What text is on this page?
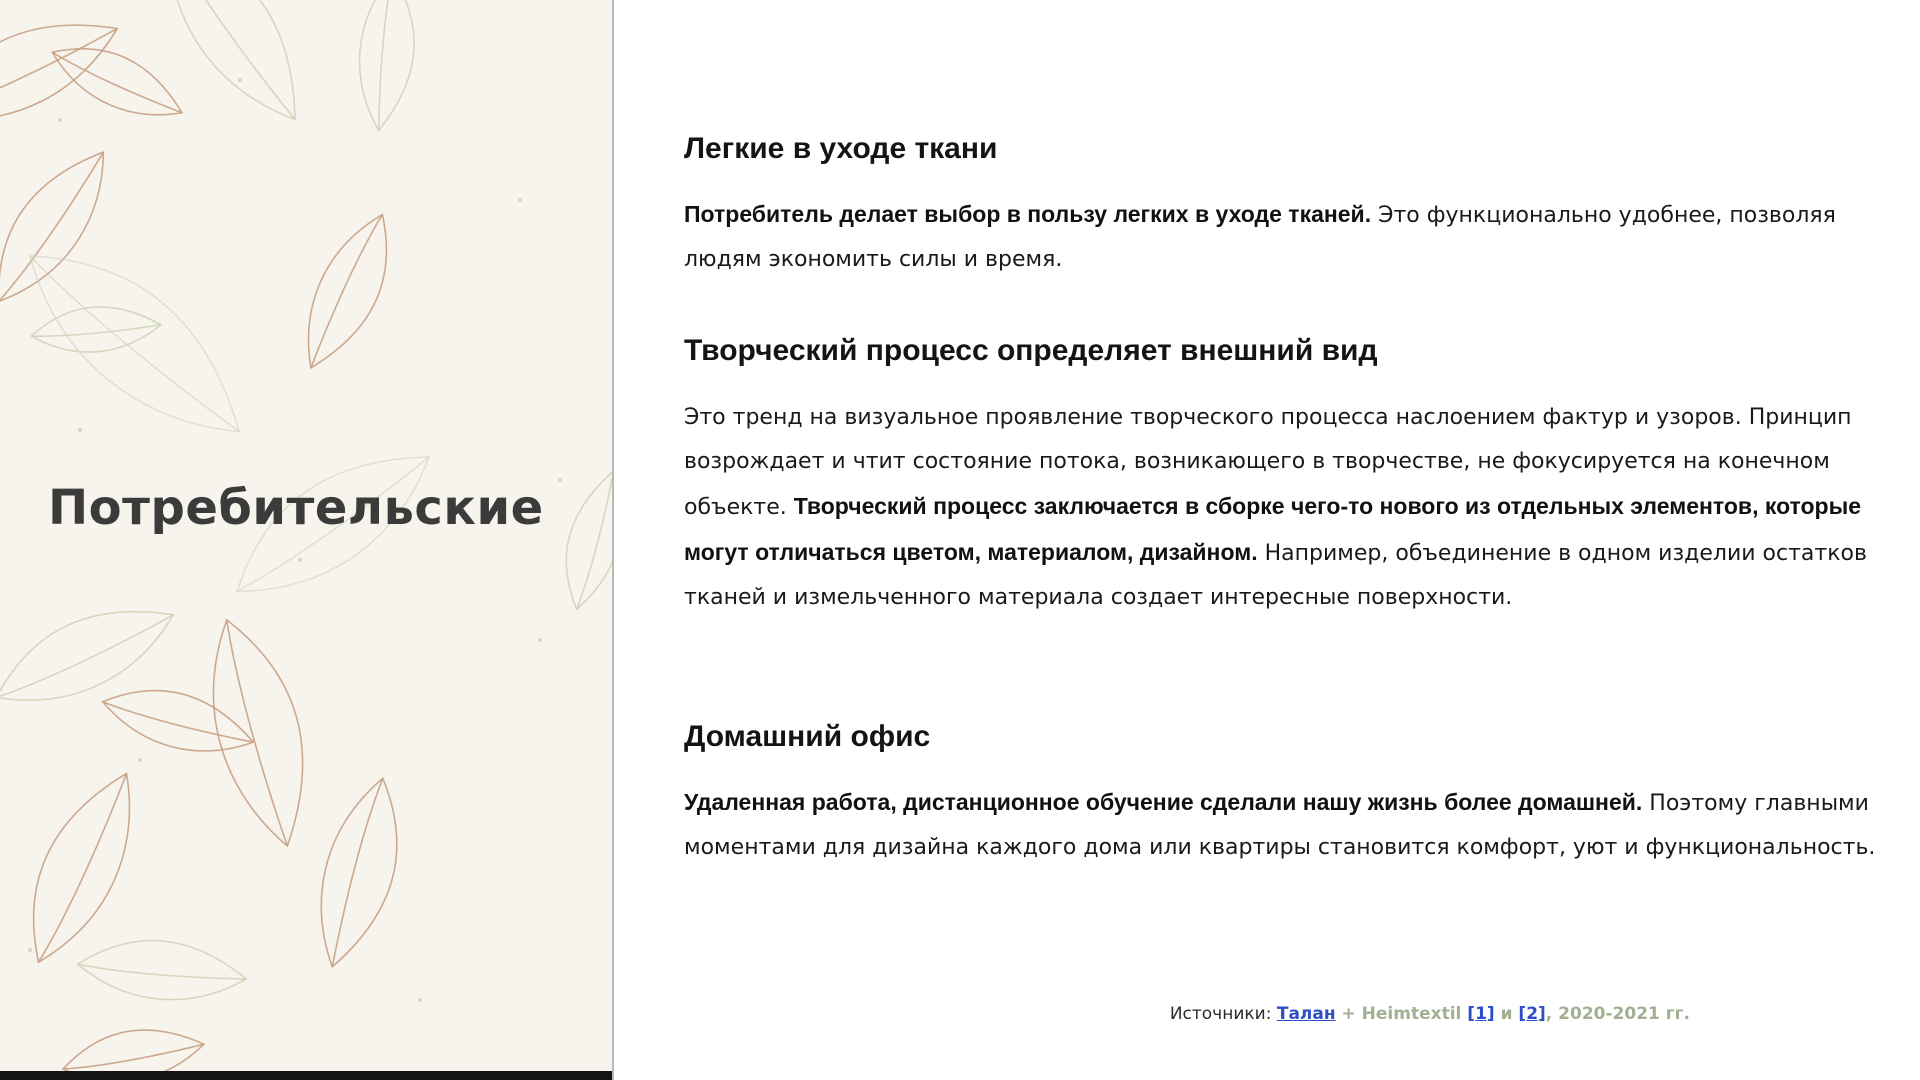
Потребительские
Легкие в уходе ткани

Потребитель делает выбор в пользу легких в уходе тканей. Это функционально удобнее, позволяя людям экономить силы и время.

Творческий процесс определяет внешний вид

Это тренд на визуальное проявление творческого процесса наслоением фактур и узоров. Принцип возрождает и чтит состояние потока, возникающего в творчестве, не фокусируется на конечном объекте. Творческий процесс заключается в сборке чего-то нового из отдельных элементов, которые могут отличаться цветом, материалом, дизайном. Например, объединение в одном изделии остатков тканей и измельченного материала создает интересные поверхности.

Домашний офис

Удаленная работа, дистанционное обучение сделали нашу жизнь более домашней. Поэтому главными моментами для дизайна каждого дома или квартиры становится комфорт, уют и функциональность.

Источники: Талан + Heimtextil [1] и [2], 2020-2021 гг.
